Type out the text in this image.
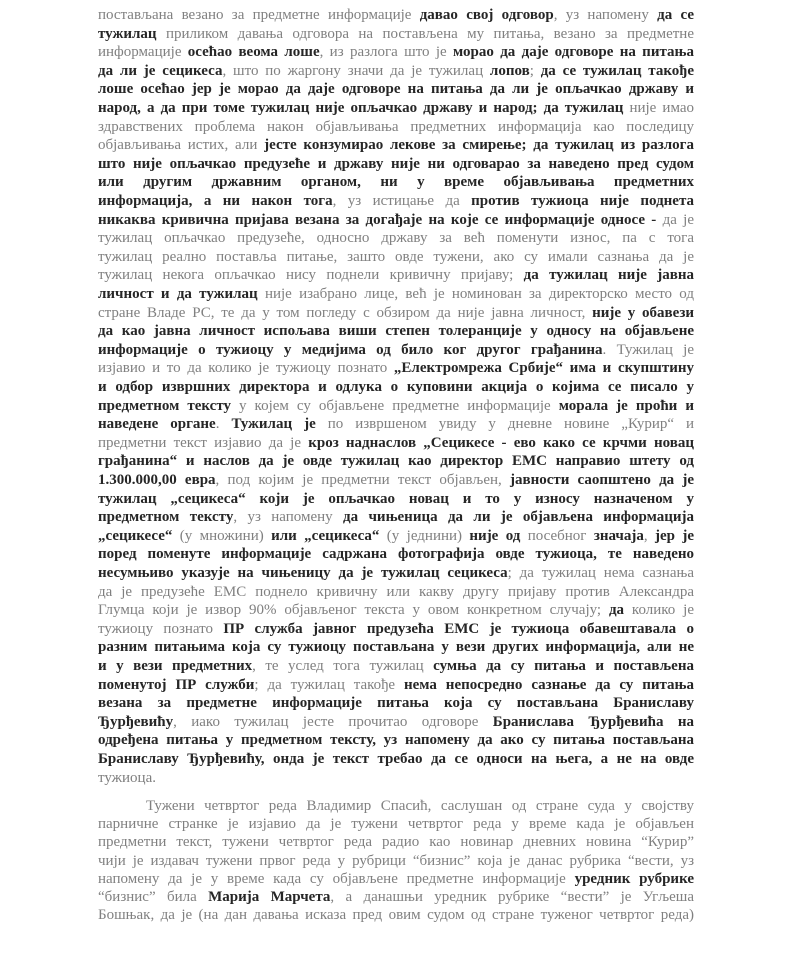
постављана везано за предметне информације давао свој одговор, уз напомену да се
тужилац приликом давања одговора на постављена му питања, везано за предметне
информације осећао веома лоше, из разлога што је морао да даје одговоре на питања
да ли је сецикеса, што по жаргону значи да је тужилац лопов; да се тужилац такође
лоше осећао јер је морао да даје одговоре на питања да ли је опљачкао државу и
народ, а да при томе тужилац није опљачкао државу и народ; да тужилац није имао
здравствених проблема након објављивања предметних информација као последицу
објављивања истих, али јесте конзумирао лекове за смирење; да тужилац из разлога
што није опљачкао предузеће и државу није ни одговарао за наведено пред судом
или другим државним органом, ни у време објављивања предметних
информација, а ни након тога, уз истицање да против тужиоца није поднета
никаква кривична пријава везана за догађаје на које се информације односе - да је
тужилац опљачкао предузеће, односно државу за већ поменути износ, па с тога
тужилац реално поставља питање, зашто овде тужени, ако су имали сазнања да је
тужилац некога опљачкао нису поднели кривичну пријаву; да тужилац није јавна
личност и да тужилац није изабрано лице, већ је номинован за директорско место од
стране Владе РС, те да у том погледу с обзиром да није јавна личност, није у обавези
да као јавна личност испољава виши степен толеранције у односу на објављене
информације о тужиоцу у медијима од било ког другог грађанина. Тужилац је
изјавио и то да колико је тужиоцу познато „Електромрежа Србије“ има и скупштину
и одбор извршних директора и одлука о куповини акција о којима се писало у
предметном тексту у којем су објављене предметне информације морала је проћи и
наведене органе. Тужилац је по извршеном увиду у дневне новине „Курир“ и
предметни текст изјавио да је кроз наднаслов „Сецикесе - ево како се крчми новац
грађанина“ и наслов да је овде тужилац као директор ЕМС направио штету од
1.300.000,00 евра, под којим је предметни текст објављен, јавности саопштено да је
тужилац „сецикеса“ који је опљачкао новац и то у износу назначеном у
предметном тексту, уз напомену да чињеница да ли је објављена информација
„сецикесе“ (у множини) или „сецикеса“ (у једнини) није од посебног значаја, јер је
поред поменуте информације садржана фотографија овде тужиоца, те наведено
несумњиво указује на чињеницу да је тужилац сецикеса; да тужилац нема сазнања
да је предузеће ЕМС поднело кривичну или какву другу пријаву против Александра
Глумца који је извор 90% објављеног текста у овом конкретном случају; да колико је
тужиоцу познато ПР служба јавног предузећа ЕМС је тужиоца обавештавала о
разним питањима која су тужиоцу постављана у вези других информација, али не
и у вези предметних, те услед тога тужилац сумња да су питања и постављена
поменутој ПР служби; да тужилац такође нема непосредно сазнање да су питања
везана за предметне информације питања која су постављана Браниславу
Ђурђевићу, иако тужилац јесте прочитао одговоре Бранислава Ђурђевића на
одређена питања у предметном тексту, уз напомену да ако су питања постављана
Браниславу Ђурђевићу, онда је текст требао да се односи на њега, а не на овде
тужиоца.
Тужени четвртог реда Владимир Спасић, саслушан од стране суда у својству
парничне странке је изјавио да је тужени четвртог реда у време када је објављен
предметни текст, тужени четвртог реда радио као новинар дневних новина “Курир”
чији је издавач тужени првог реда у рубрици “бизнис” која је данас рубрика “вести, уз
напомену да је у време када су објављене предметне информације уредник рубрике
“бизнис” била Марија Марчета, а данашњи уредник рубрике “вести” је Угљеша
Бошњак, да је (на дан давања исказа пред овим судом од стране туженог четвртог реда)
